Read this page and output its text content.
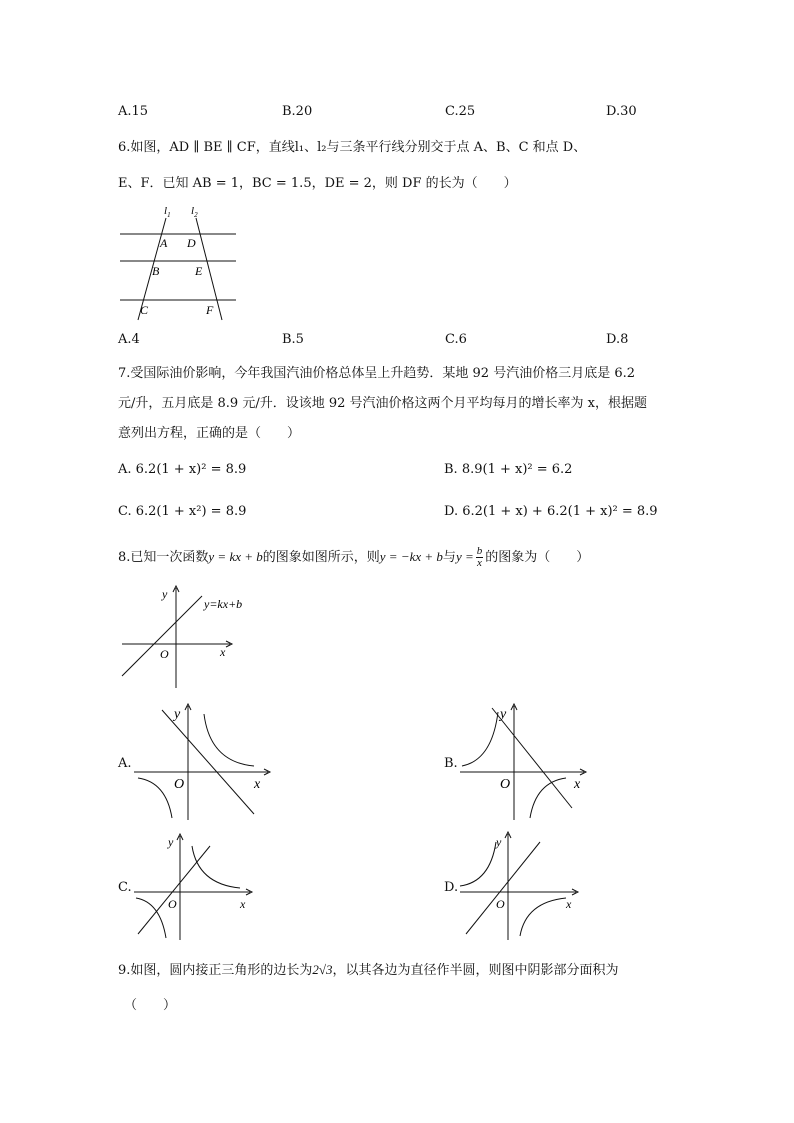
A.15	B.20	C.25	D.30
6.如图，AD ∥ BE ∥ CF，直线l₁、l₂与三条平行线分别交于点 A、B、C 和点 D、
E、F．已知 AB = 1，BC = 1.5，DE = 2，则 DF 的长为（　　）
$l_1$ $l_2$
A D
B	E
C	F
A.4	B.5	C.6	D.8
7.受国际油价影响，今年我国汽油价格总体呈上升趋势．某地 92 号汽油价格三月底是 6.2
元/升，五月底是 8.9 元/升．设该地 92 号汽油价格这两个月平均每月的增长率为 x，根据题
意列出方程，正确的是（　　）
A. 6.2(1 + x)² = 8.9	B. 8.9(1 + x)² = 6.2
C. 6.2(1 + x²) = 8.9	D. 6.2(1 + x) + 6.2(1 + x)² = 8.9
8.已知一次函数y = kx + b的图象如图所示，则y = −kx + b与$y = \frac{b}{x}$ 的图象为（　　）
y
x
O
y=kx+b
A.
y
x
O
B.
y
x
O
C.
y
x
O
D.
y
x
O
9.如图，圆内接正三角形的边长为2√3，以其各边为直径作半圆，则图中阴影部分面积为
（　　）
